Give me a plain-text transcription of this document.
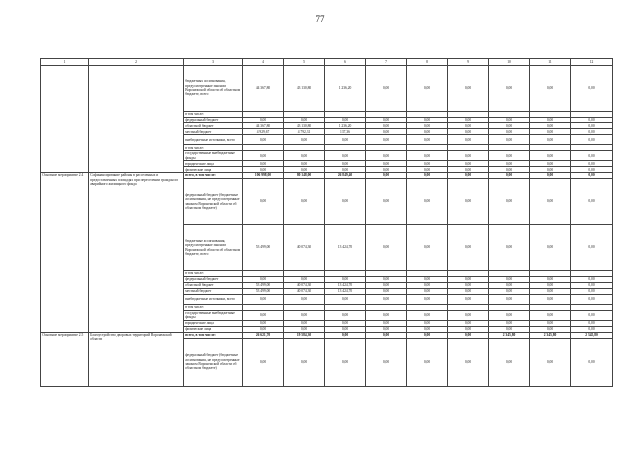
77
1	2	3	4	5	6	7	8	9	10	11	12
		бюджетных ассигнования, предусмотренные законом Воронежской области об областном бюджете, всего	44 367,80	43 130,80	1 236,20	0,00	0,00	0,00	0,00	0,00	0,00
		в том числе:									
		федеральный бюджет	0,00	0,00	0,00	0,00	0,00	0,00	0,00	0,00	0,00
		областной бюджет	44 367,80	43 130,80	1 236,20	0,00	0,00	0,00	0,00	0,00	0,00
		местный бюджет	4 929,67	4 792,31	137,36	0,00	0,00	0,00	0,00	0,00	0,00
		внебюджетные источники, всего	0,00	0,00	0,00	0,00	0,00	0,00	0,00	0,00	0,00
		в том числе:									
		государственные внебюджетные фонды	0,00	0,00	0,00	0,00	0,00	0,00	0,00	0,00	0,00
		юридические лица	0,00	0,00	0,00	0,00	0,00	0,00	0,00	0,00	0,00
		физические лица	0,00	0,00	0,00	0,00	0,00	0,00	0,00	0,00	0,00
Основное мероприятие 2.4	Софинансирование районы в расселенных и предоставленных площадях при переселении граждан из аварийного жилищного фонда	всего, в том числе:	106 998,00	80 148,00	26 849,40	0,00	0,00	0,00	0,00	0,00	0,00
		федеральный бюджет (бюджетные ассигнования, не предусмотренные законом Воронежской области об областном бюджете)	0,00	0,00	0,00	0,00	0,00	0,00	0,00	0,00	0,00
		бюджетные ассигнования, предусмотренные законом Воронежской области об областном бюджете, всего	53 499,00	40 074,30	13 424,70	0,00	0,00	0,00	0,00	0,00	0,00
		в том числе:									
		федеральный бюджет	0,00	0,00	0,00	0,00	0,00	0,00	0,00	0,00	0,00
		областной бюджет	53 499,00	40 074,30	13 424,70	0,00	0,00	0,00	0,00	0,00	0,00
		местный бюджет	53 499,00	40 074,30	13 424,70	0,00	0,00	0,00	0,00	0,00	0,00
		внебюджетные источники, всего	0,00	0,00	0,00	0,00	0,00	0,00	0,00	0,00	0,00
		в том числе:									
		государственные внебюджетные фонды	0,00	0,00	0,00	0,00	0,00	0,00	0,00	0,00	0,00
		юридические лица	0,00	0,00	0,00	0,00	0,00	0,00	0,00	0,00	0,00
		физические лица	0,00	0,00	0,00	0,00	0,00	0,00	0,00	0,00	0,00
Основное мероприятие 2.5	Благоустройство дворовых территорий Воронежской области	всего, в том числе:	26 621,70	19 584,30	0,00	0,00	0,00	0,00	2 345,80	2 345,80	2 345,80
		федеральный бюджет (бюджетные ассигнования, не предусмотренные законом Воронежской области об областном бюджете)	0,00	0,00	0,00	0,00	0,00	0,00	0,00	0,00	0,00
